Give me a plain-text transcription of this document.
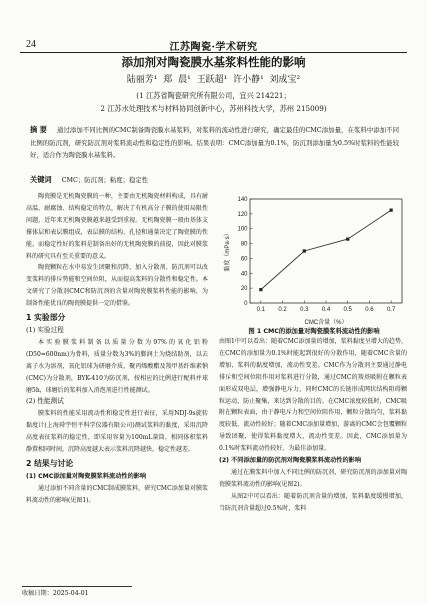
24	江苏陶瓷·学术研究
添加剂对陶瓷膜水基浆料性能的影响
陆丽芳¹ 郑 晨¹ 王跃超¹ 许小静¹ 刘成宝²
(1 江苏省陶瓷研究所有限公司，宜兴 214221；
2 江苏水处理技术与材料协同创新中心，苏州科技大学，苏州 215009)
摘 要 通过添加不同比例的CMC制备陶瓷膜水基浆料，对浆料的流动性进行研究，确定最佳的CMC添加量，在浆料中添加不同比例的防沉剂，研究防沉剂对浆料流动性和稳定性的影响。结果表明：CMC添加量为0.1%，防沉剂添加量为0.5%时浆料的性能较好，适合作为陶瓷膜水基浆料。
关键词 CMC；防沉剂；粘度；稳定性

陶瓷膜是无机陶瓷膜的一种，主要由无机陶瓷材料构成，具有耐高温、耐腐蚀、结构稳定的特点，解决了有机高分子膜的使用局限性问题，近年来无机陶瓷膜越来越受到重视。无机陶瓷膜一般由基体支撑体层和表层膜组成，表层膜的结构、孔径和通量决定了陶瓷膜的性能，而稳定性好的浆料是制备出好的无机陶瓷膜的前提，因此对膜浆料的研究具有至关重要的意义。

陶瓷颗粒在水中易发生团聚和沉降，加入分散剂、防沉剂可以改变浆料的排斥势能和空间位阻，从而提高浆料的分散性和稳定性。本文研究了分散剂CMC和防沉剂的含量对陶瓷膜浆料性能的影响，为制备性能优良的陶瓷膜提供一定的借鉴。

1 实验部分
(1) 实验过程

本实验膜浆料制备以质量分数为97%的氧化铝粉(D50=600nm)为骨料，质量分数为3%的膨润土为烧结助剂，以去离子水为溶剂，氧化铝球为研磨介质，聚丙烯酸酯及羧甲基纤维素钠(CMC)为分散剂，BYK-410为防沉剂，按相应的比例进行配料并球磨5h，球磨后的浆料加入消泡剂进行性能测试。

(2) 性能测试

膜浆料的性能采用流动性和稳定性进行表征，采用NDJ-9s旋转黏度计(上海舜宇恒平科学仪器有限公司)测试浆料的黏度，采用沉降高度表征浆料的稳定性，即采用容量为100mL量筒，相同体积浆料静置相同时间，沉降高度越大表示浆料沉降越快，稳定性越差。

2 结果与讨论
(1) CMC添加量对陶瓷膜浆料流动性的影响

通过添加不同含量的CMC制成膜浆料，研究CMC添加量对膜浆料流动性的影响(见图1)。

0
20
40
60
80
100
120
140
0.1 0.2 0.3 0.4 0.5 0.6 0.7
黏度（mPa·s）
CMC含量（%）
图 1 CMC的添加量对陶瓷膜浆料流动性的影响

由图1中可以看出：随着CMC添加量的增加，浆料黏度呈增大的趋势，在CMC的添加量为0.1%时能起到很好的分散作用，随着CMC含量的增加，浆料的黏度增加，流动性变差。CMC作为分散剂主要通过静电排斥和空间位阻作用对浆料进行分散，通过CMC的羧基吸附在颗粒表面形成双电层，增强静电斥力，同时CMC的长链形成网状结构阻碍颗粒运动，防止聚集，来达到分散的目的。在CMC浓度较低时，CMC吸附在颗粒表面，由于静电斥力和空间位阻作用，颗粒分散均匀，浆料黏度较低、流动性较好；随着CMC添加量增加，游离的CMC会包覆颗粒导致团聚，使得浆料黏度增大，流动性变差。因此，CMC添加量为0.1%时浆料流动性较好，为最佳添加量。

(2) 不同添加量的防沉剂对陶瓷膜浆料流动性的影响

通过在膜浆料中加入不同比例的防沉剂，研究防沉剂的添加量对陶瓷膜浆料流动性的影响(见图2)。

从图2中可以看出：随着防沉剂含量的增加，浆料黏度缓慢增加，当防沉剂含量超过0.5%时，浆料

收稿日期：2025-04-01
